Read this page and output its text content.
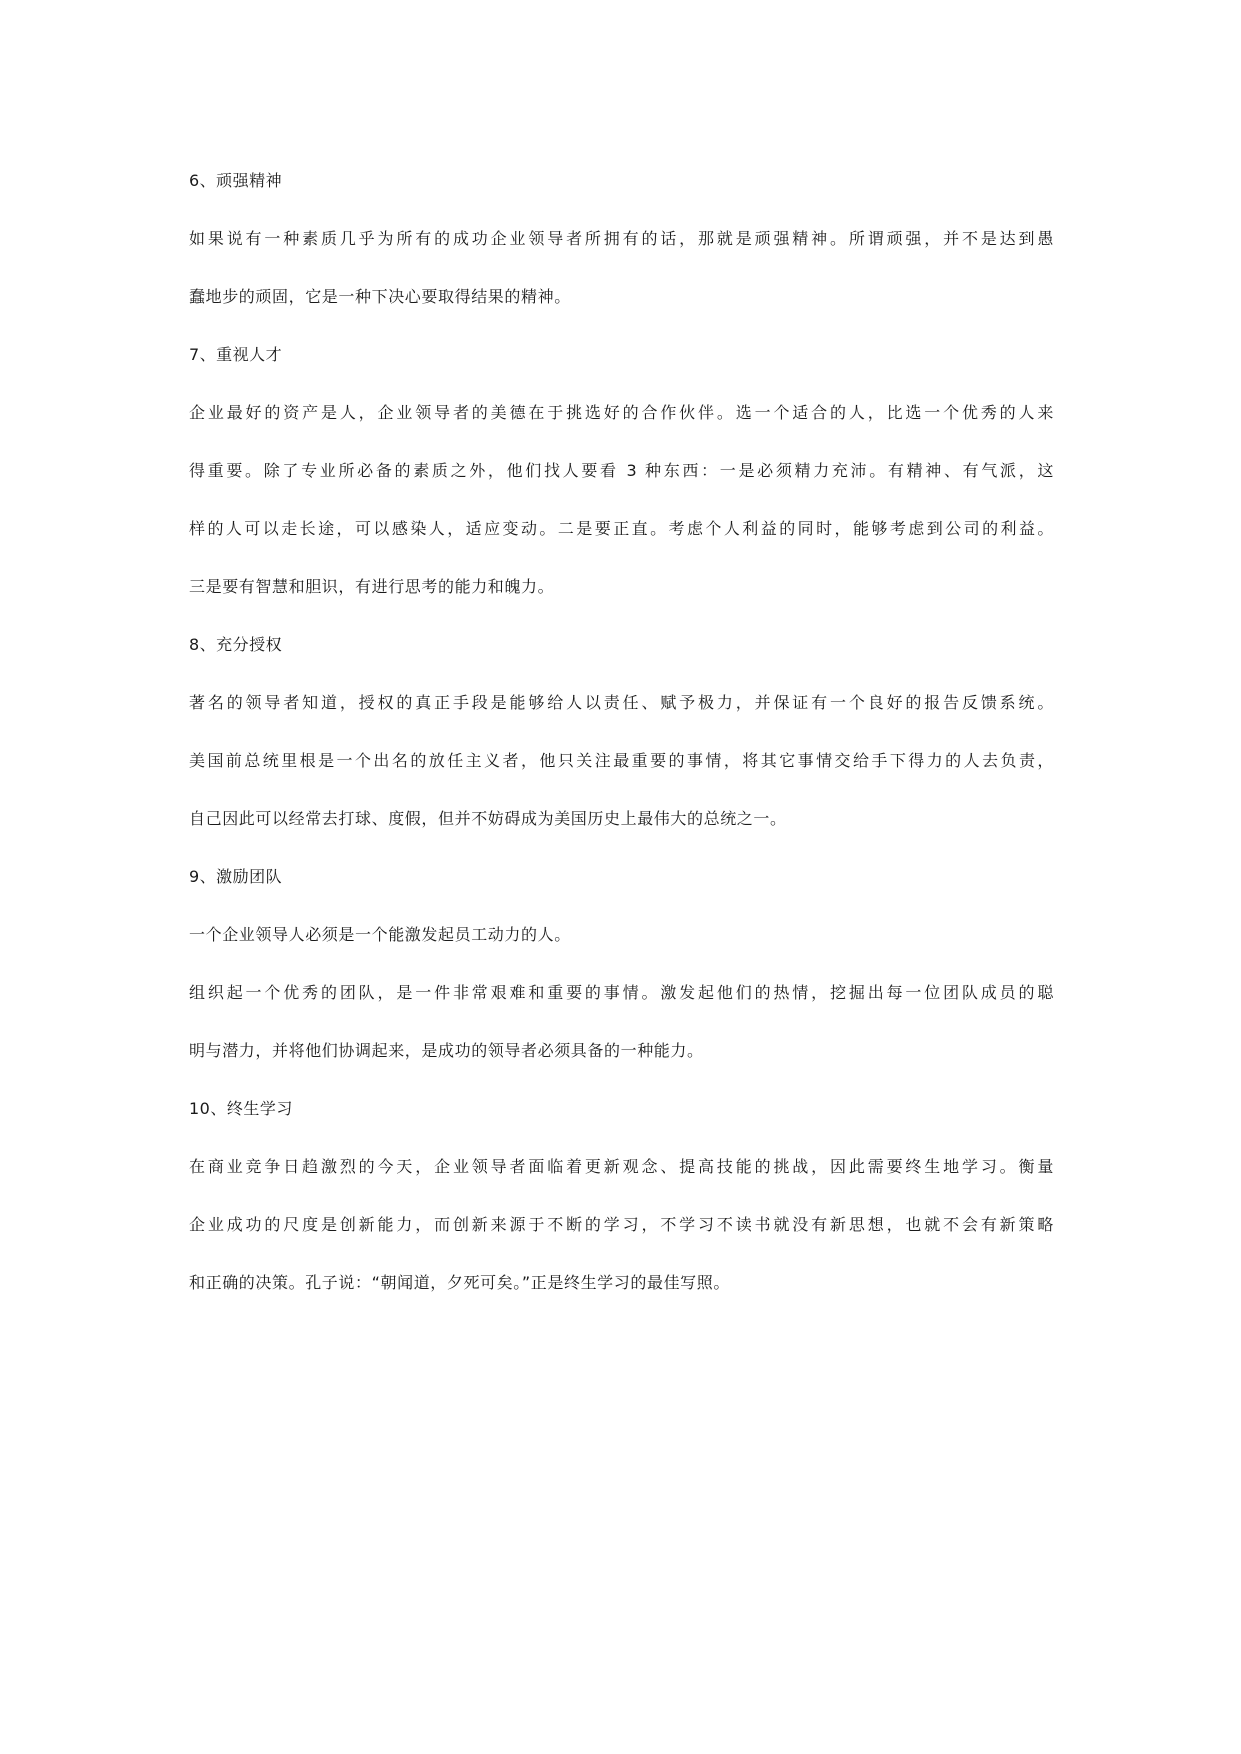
6、顽强精神

如果说有一种素质几乎为所有的成功企业领导者所拥有的话，那就是顽强精神。所谓顽强，并不是达到愚
蠢地步的顽固，它是一种下决心要取得结果的精神。

7、重视人才

企业最好的资产是人，企业领导者的美德在于挑选好的合作伙伴。选一个适合的人，比选一个优秀的人来
得重要。除了专业所必备的素质之外，他们找人要看 3 种东西：一是必须精力充沛。有精神、有气派，这
样的人可以走长途，可以感染人，适应变动。二是要正直。考虑个人利益的同时，能够考虑到公司的利益。
三是要有智慧和胆识，有进行思考的能力和魄力。

8、充分授权

著名的领导者知道，授权的真正手段是能够给人以责任、赋予极力，并保证有一个良好的报告反馈系统。
美国前总统里根是一个出名的放任主义者，他只关注最重要的事情，将其它事情交给手下得力的人去负责，
自己因此可以经常去打球、度假，但并不妨碍成为美国历史上最伟大的总统之一。

9、激励团队

一个企业领导人必须是一个能激发起员工动力的人。

组织起一个优秀的团队，是一件非常艰难和重要的事情。激发起他们的热情，挖掘出每一位团队成员的聪
明与潜力，并将他们协调起来，是成功的领导者必须具备的一种能力。

10、终生学习

在商业竞争日趋激烈的今天，企业领导者面临着更新观念、提高技能的挑战，因此需要终生地学习。衡量
企业成功的尺度是创新能力，而创新来源于不断的学习，不学习不读书就没有新思想，也就不会有新策略
和正确的决策。孔子说：“朝闻道，夕死可矣。”正是终生学习的最佳写照。
